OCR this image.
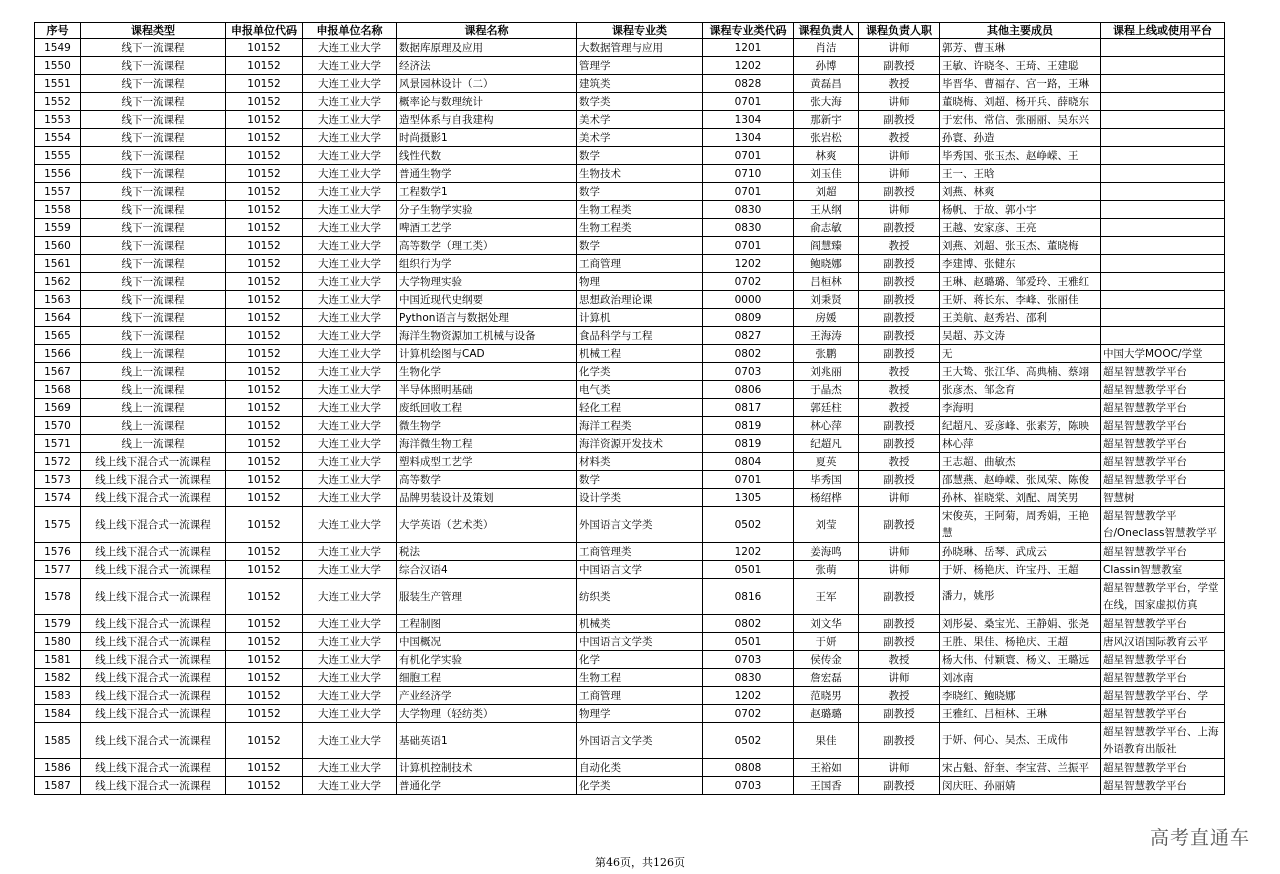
序号	课程类型	申报单位代码	申报单位名称	课程名称	课程专业类	课程专业类代码	课程负责人	课程负责人职	其他主要成员	课程上线或使用平台
1549	线下一流课程	10152	大连工业大学	数据库原理及应用	大数据管理与应用	1201	肖洁	讲师	郭芳、曹玉琳	
1550	线下一流课程	10152	大连工业大学	经济法	管理学	1202	孙博	副教授	王敏、许晓冬、王琦、王建聪	
1551	线下一流课程	10152	大连工业大学	风景园林设计（二）	建筑类	0828	黄磊昌	教授	毕晋华、曹福存、宫一路，王琳	
1552	线下一流课程	10152	大连工业大学	概率论与数理统计	数学类	0701	张大海	讲师	董晓梅、刘超、杨开兵、薛晓东	
1553	线下一流课程	10152	大连工业大学	造型体系与自我建构	美术学	1304	那新宇	副教授	于宏伟、常信、张丽丽、吴东兴	
1554	线下一流课程	10152	大连工业大学	时尚摄影1	美术学	1304	张岩松	教授	孙寰、孙造	
1555	线下一流课程	10152	大连工业大学	线性代数	数学	0701	林爽	讲师	毕秀国、张玉杰、赵峥嵘、王	
1556	线下一流课程	10152	大连工业大学	普通生物学	生物技术	0710	刘玉佳	讲师	王一、王晗	
1557	线下一流课程	10152	大连工业大学	工程数学1	数学	0701	刘超	副教授	刘燕、林爽	
1558	线下一流课程	10152	大连工业大学	分子生物学实验	生物工程类	0830	王从纲	讲师	杨帆、于故、郭小宇	
1559	线下一流课程	10152	大连工业大学	啤酒工艺学	生物工程类	0830	俞志敏	副教授	王越、安家彦、王亮	
1560	线下一流课程	10152	大连工业大学	高等数学（理工类）	数学	0701	阎慧臻	教授	刘燕、刘超、张玉杰、董晓梅	
1561	线下一流课程	10152	大连工业大学	组织行为学	工商管理	1202	鲍晓娜	副教授	李建博、张健东	
1562	线下一流课程	10152	大连工业大学	大学物理实验	物理	0702	吕桓林	副教授	王琳、赵璐璐、邹爱玲、王雅红	
1563	线下一流课程	10152	大连工业大学	中国近现代史纲要	思想政治理论课	0000	刘秉贤	副教授	王妍、蒋长东、李峰、张丽佳	
1564	线下一流课程	10152	大连工业大学	Python语言与数据处理	计算机	0809	房媛	副教授	王美航、赵秀岩、邵利	
1565	线下一流课程	10152	大连工业大学	海洋生物资源加工机械与设备	食品科学与工程	0827	王海涛	副教授	吴超、苏文涛	
1566	线上一流课程	10152	大连工业大学	计算机绘图与CAD	机械工程	0802	张鹏	副教授	无	中国大学MOOC/学堂
1567	线上一流课程	10152	大连工业大学	生物化学	化学类	0703	刘兆丽	教授	王大鸷、张江华、高典楠、蔡翊	超星智慧教学平台
1568	线上一流课程	10152	大连工业大学	半导体照明基础	电气类	0806	于晶杰	教授	张彦杰、邹念育	超星智慧教学平台
1569	线上一流课程	10152	大连工业大学	废纸回收工程	轻化工程	0817	郭廷柱	教授	李海明	超星智慧教学平台
1570	线上一流课程	10152	大连工业大学	微生物学	海洋工程类	0819	林心萍	副教授	纪超凡、妥彦峰、张素芳，陈映	超星智慧教学平台
1571	线上一流课程	10152	大连工业大学	海洋微生物工程	海洋资源开发技术	0819	纪超凡	副教授	林心萍	超星智慧教学平台
1572	线上线下混合式一流课程	10152	大连工业大学	塑料成型工艺学	材料类	0804	夏英	教授	王志超、曲敏杰	超星智慧教学平台
1573	线上线下混合式一流课程	10152	大连工业大学	高等数学	数学	0701	毕秀国	副教授	邵慧燕、赵峥嵘、张凤荣、陈俊	超星智慧教学平台
1574	线上线下混合式一流课程	10152	大连工业大学	品牌男装设计及策划	设计学类	1305	杨绍桦	讲师	孙林、崔晓棠、刘配、周笑男	智慧树
1575	线上线下混合式一流课程	10152	大连工业大学	大学英语（艺术类）	外国语言文学类	0502	刘莹	副教授	宋俊英，王阿菊，周秀娟，王艳慧	超星智慧教学平台/Oneclass智慧教学平
1576	线上线下混合式一流课程	10152	大连工业大学	税法	工商管理类	1202	姜海鸣	讲师	孙晓琳、岳琴、武成云	超星智慧教学平台
1577	线上线下混合式一流课程	10152	大连工业大学	综合汉语4	中国语言文学	0501	张萌	讲师	于妍、杨艳庆、许宝丹、王超	Classin智慧教室
1578	线上线下混合式一流课程	10152	大连工业大学	服装生产管理	纺织类	0816	王军	副教授	潘力，姚彤	超星智慧教学平台，学堂在线，国家虚拟仿真
1579	线上线下混合式一流课程	10152	大连工业大学	工程制图	机械类	0802	刘文华	副教授	刘彤晏、桑宝光、王静娟、张尧	超星智慧教学平台
1580	线上线下混合式一流课程	10152	大连工业大学	中国概况	中国语言文学类	0501	于妍	副教授	王胜、果佳、杨艳庆、王超	唐风汉语国际教育云平
1581	线上线下混合式一流课程	10152	大连工业大学	有机化学实验	化学	0703	侯传金	教授	杨大伟、付颖寰、杨义、王璐远	超星智慧教学平台
1582	线上线下混合式一流课程	10152	大连工业大学	细胞工程	生物工程	0830	詹宏磊	讲师	刘冰南	超星智慧教学平台
1583	线上线下混合式一流课程	10152	大连工业大学	产业经济学	工商管理	1202	范晓男	教授	李晓红、鲍晓娜	超星智慧教学平台、学
1584	线上线下混合式一流课程	10152	大连工业大学	大学物理（轻纺类）	物理学	0702	赵璐璐	副教授	王雅红、吕桓林、王琳	超星智慧教学平台
1585	线上线下混合式一流课程	10152	大连工业大学	基础英语1	外国语言文学类	0502	果佳	副教授	于妍、何心、吴杰、王成伟	超星智慧教学平台、上海外语教育出版社
1586	线上线下混合式一流课程	10152	大连工业大学	计算机控制技术	自动化类	0808	王裕如	讲师	宋占魁、舒奎、李宝营、兰振平	超星智慧教学平台
1587	线上线下混合式一流课程	10152	大连工业大学	普通化学	化学类	0703	王国香	副教授	闵庆旺、孙丽婧	超星智慧教学平台
第46页，共126页
高考直通车
